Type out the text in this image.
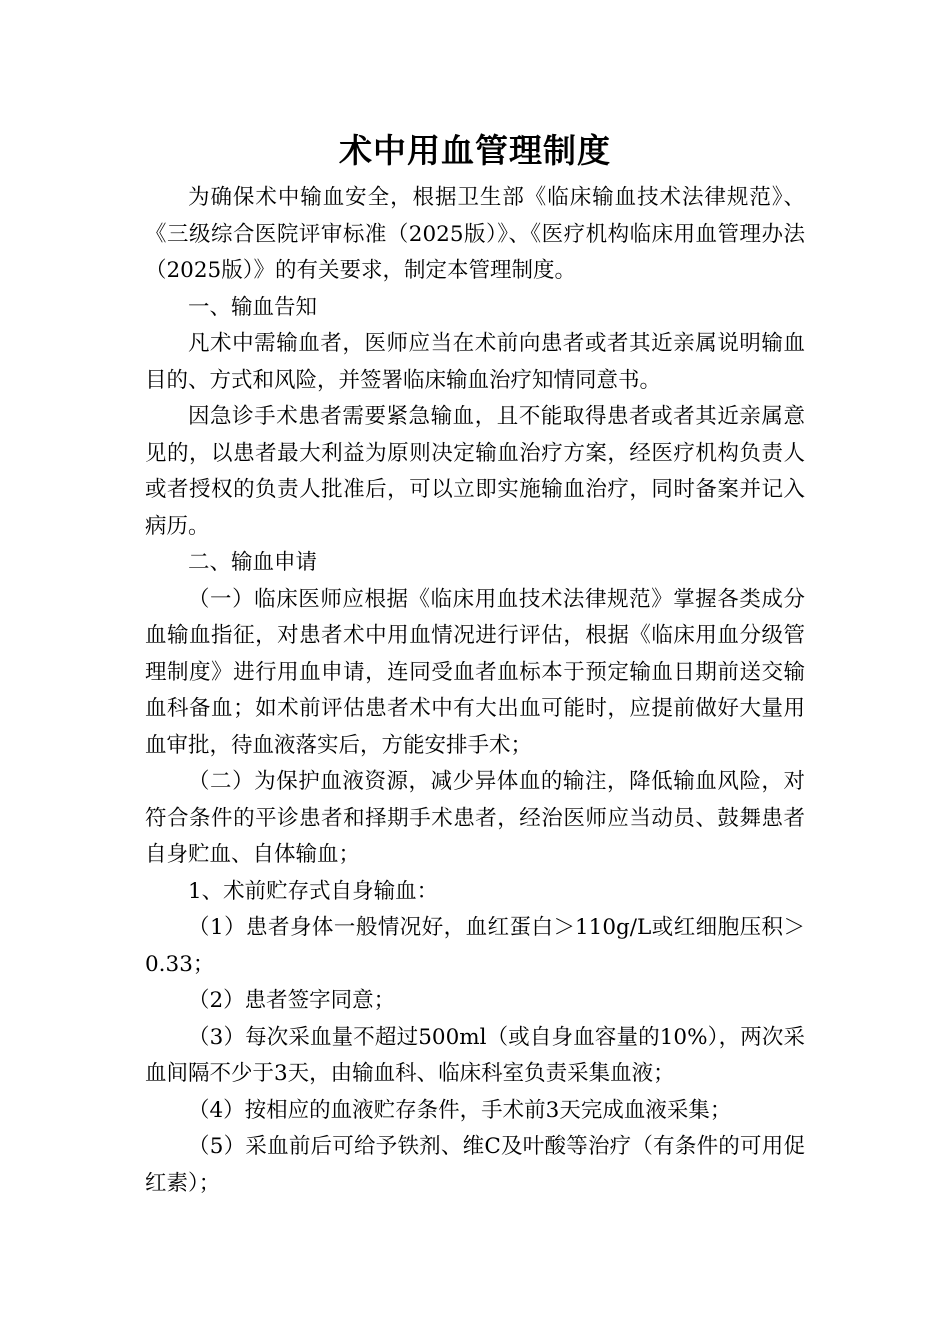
术中用血管理制度

为确保术中输血安全，根据卫生部《临床输血技术法律规范》、《三级综合医院评审标准（2025版）》、《医疗机构临床用血管理办法（2025版）》的有关要求，制定本管理制度。

一、输血告知

凡术中需输血者，医师应当在术前向患者或者其近亲属说明输血目的、方式和风险，并签署临床输血治疗知情同意书。

因急诊手术患者需要紧急输血，且不能取得患者或者其近亲属意见的，以患者最大利益为原则决定输血治疗方案，经医疗机构负责人或者授权的负责人批准后，可以立即实施输血治疗，同时备案并记入病历。

二、输血申请

（一）临床医师应根据《临床用血技术法律规范》掌握各类成分血输血指征，对患者术中用血情况进行评估，根据《临床用血分级管理制度》进行用血申请，连同受血者血标本于预定输血日期前送交输血科备血；如术前评估患者术中有大出血可能时，应提前做好大量用血审批，待血液落实后，方能安排手术；

（二）为保护血液资源，减少异体血的输注，降低输血风险，对符合条件的平诊患者和择期手术患者，经治医师应当动员、鼓舞患者自身贮血、自体输血；

1、术前贮存式自身输血：

（1）患者身体一般情况好，血红蛋白＞110g/L或红细胞压积＞0.33；

（2）患者签字同意；

（3）每次采血量不超过500ml（或自身血容量的10%），两次采血间隔不少于3天，由输血科、临床科室负责采集血液；

（4）按相应的血液贮存条件，手术前3天完成血液采集；

（5）采血前后可给予铁剂、维C及叶酸等治疗（有条件的可用促红素）；
